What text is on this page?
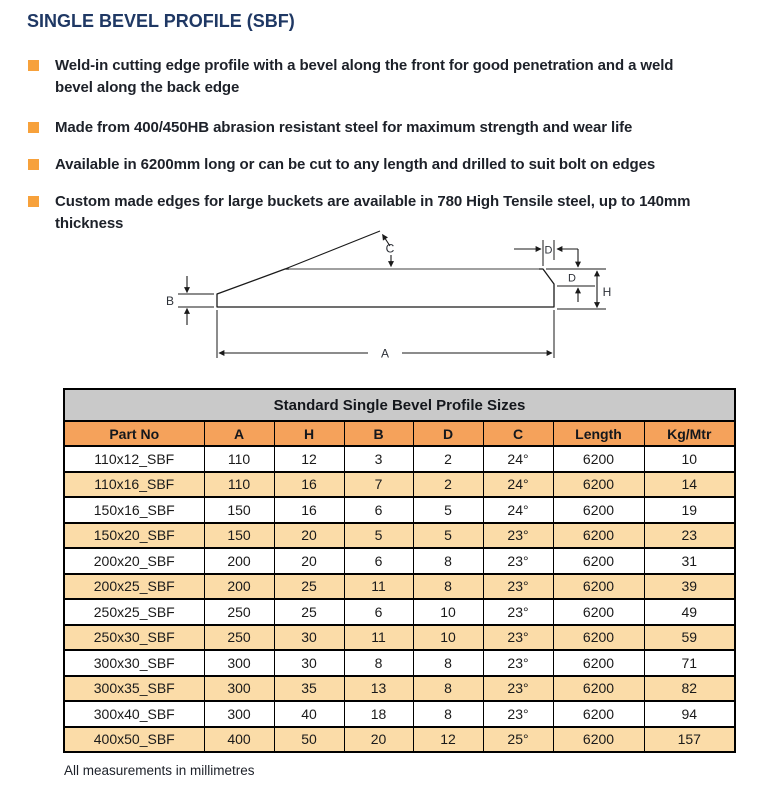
SINGLE BEVEL PROFILE (SBF)
Weld-in cutting edge profile with a bevel along the front for good penetration and a weld bevel along the back edge
Made from 400/450HB abrasion resistant steel for maximum strength and wear life
Available in 6200mm long or can be cut to any length and drilled to suit bolt on edges
Custom made edges for large buckets are available in 780 High Tensile steel, up to 140mm thickness
C
B
A
D
D
H
Standard Single Bevel Profile Sizes							
Part No	A	H	B	D	C	Length	Kg/Mtr
110x12_SBF	110	12	3	2	24°	6200	10
110x16_SBF	110	16	7	2	24°	6200	14
150x16_SBF	150	16	6	5	24°	6200	19
150x20_SBF	150	20	5	5	23°	6200	23
200x20_SBF	200	20	6	8	23°	6200	31
200x25_SBF	200	25	11	8	23°	6200	39
250x25_SBF	250	25	6	10	23°	6200	49
250x30_SBF	250	30	11	10	23°	6200	59
300x30_SBF	300	30	8	8	23°	6200	71
300x35_SBF	300	35	13	8	23°	6200	82
300x40_SBF	300	40	18	8	23°	6200	94
400x50_SBF	400	50	20	12	25°	6200	157
All measurements in millimetres
